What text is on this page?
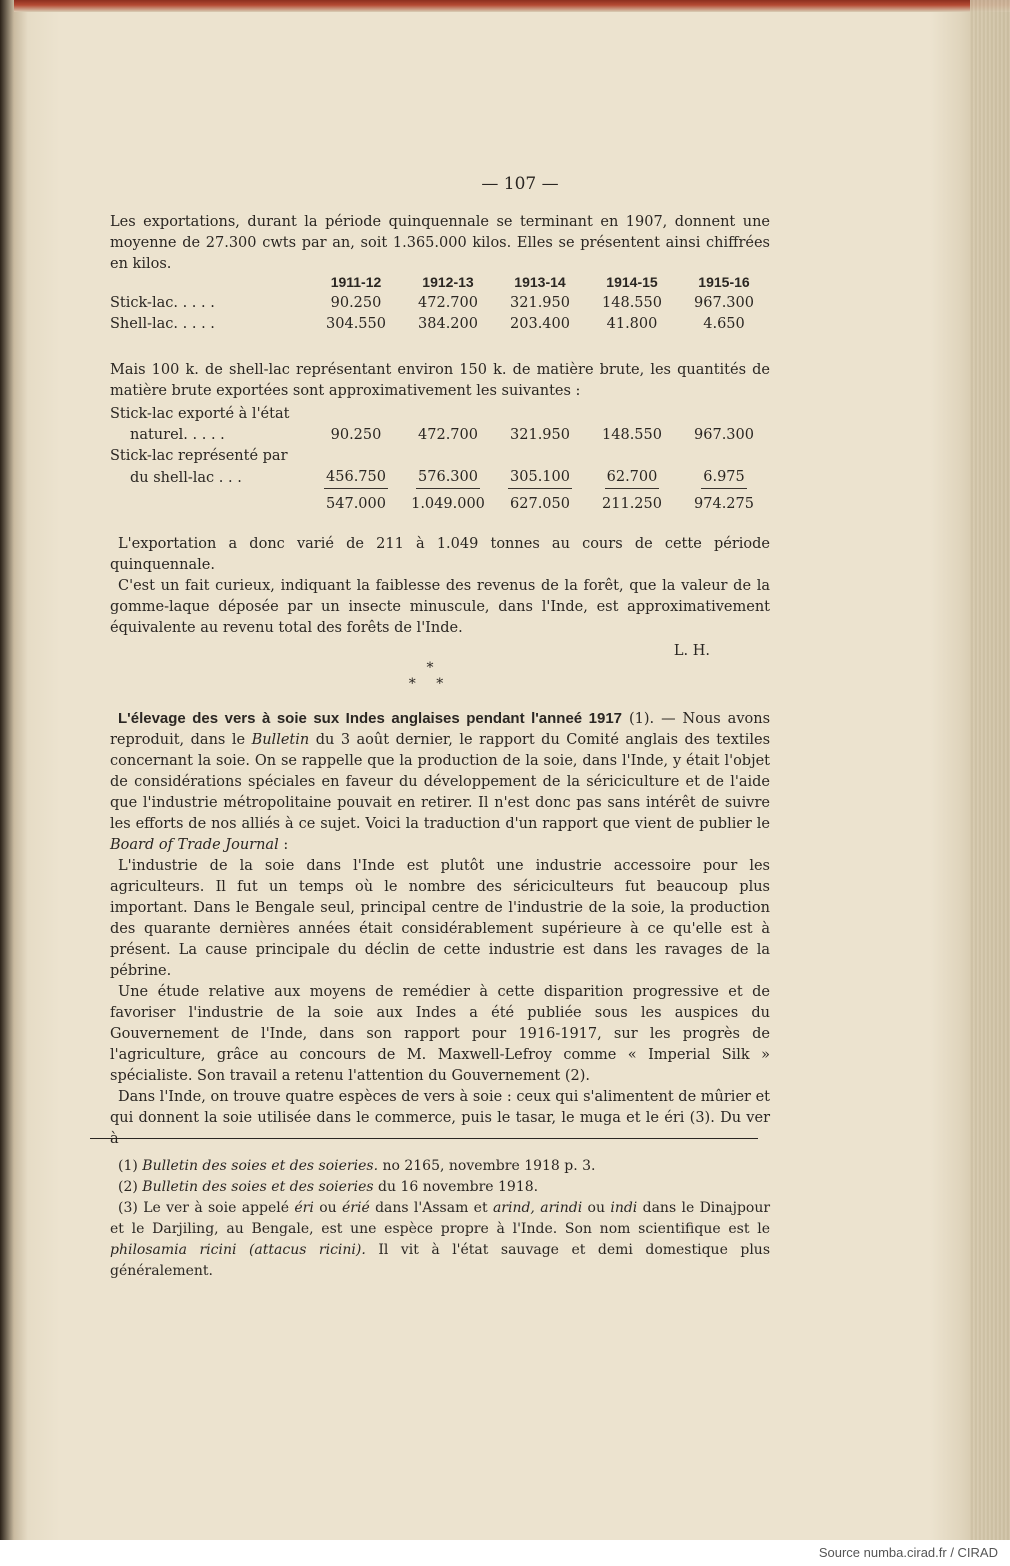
— 107 —

Les exportations, durant la période quinquennale se terminant en 1907, donnent une moyenne de 27.300 cwts par an, soit 1.365.000 kilos. Elles se présentent ainsi chiffrées en kilos.

	1911-12	1912-13	1913-14	1914-15	1915-16
Stick-lac. . . . .	90.250	472.700	321.950	148.550	967.300
Shell-lac. . . . .	304.550	384.200	203.400	41.800	4.650

Mais 100 k. de shell-lac représentant environ 150 k. de matière brute, les quantités de matière brute exportées sont approximativement les suivantes :

Stick-lac exporté à l'état					
naturel. . . . .	90.250	472.700	321.950	148.550	967.300
Stick-lac représenté par					
du shell-lac . . .	456.750	576.300	305.100	62.700	6.975
	547.000	1.049.000	627.050	211.250	974.275

L'exportation a donc varié de 211 à 1.049 tonnes au cours de cette période quinquennale.

C'est un fait curieux, indiquant la faiblesse des revenus de la forêt, que la valeur de la gomme-laque déposée par un insecte minuscule, dans l'Inde, est approximativement équivalente au revenu total des forêts de l'Inde.

L. H.

*
* *

L'élevage des vers à soie sux Indes anglaises pendant l'anneé 1917 (1). — Nous avons reproduit, dans le Bulletin du 3 août dernier, le rapport du Comité anglais des textiles concernant la soie. On se rappelle que la production de la soie, dans l'Inde, y était l'objet de considérations spéciales en faveur du développement de la sériciculture et de l'aide que l'industrie métropolitaine pouvait en retirer. Il n'est donc pas sans intérêt de suivre les efforts de nos alliés à ce sujet. Voici la traduction d'un rapport que vient de publier le Board of Trade Journal :

L'industrie de la soie dans l'Inde est plutôt une industrie accessoire pour les agriculteurs. Il fut un temps où le nombre des sériciculteurs fut beaucoup plus important. Dans le Bengale seul, principal centre de l'industrie de la soie, la production des quarante dernières années était considérablement supérieure à ce qu'elle est à présent. La cause principale du déclin de cette industrie est dans les ravages de la pébrine.

Une étude relative aux moyens de remédier à cette disparition progressive et de favoriser l'industrie de la soie aux Indes a été publiée sous les auspices du Gouvernement de l'Inde, dans son rapport pour 1916-1917, sur les progrès de l'agriculture, grâce au concours de M. Maxwell-Lefroy comme « Imperial Silk » spécialiste. Son travail a retenu l'attention du Gouvernement (2).

Dans l'Inde, on trouve quatre espèces de vers à soie : ceux qui s'alimentent de mûrier et qui donnent la soie utilisée dans le commerce, puis le tasar, le muga et le éri (3). Du ver à

(1) Bulletin des soies et des soieries. no 2165, novembre 1918 p. 3.

(2) Bulletin des soies et des soieries du 16 novembre 1918.

(3) Le ver à soie appelé éri ou érié dans l'Assam et arind, arindi ou indi dans le Dinajpour et le Darjiling, au Bengale, est une espèce propre à l'Inde. Son nom scientifique est le philosamia ricini (attacus ricini). Il vit à l'état sauvage et demi domestique plus généralement.

Source numba.cirad.fr / CIRAD
